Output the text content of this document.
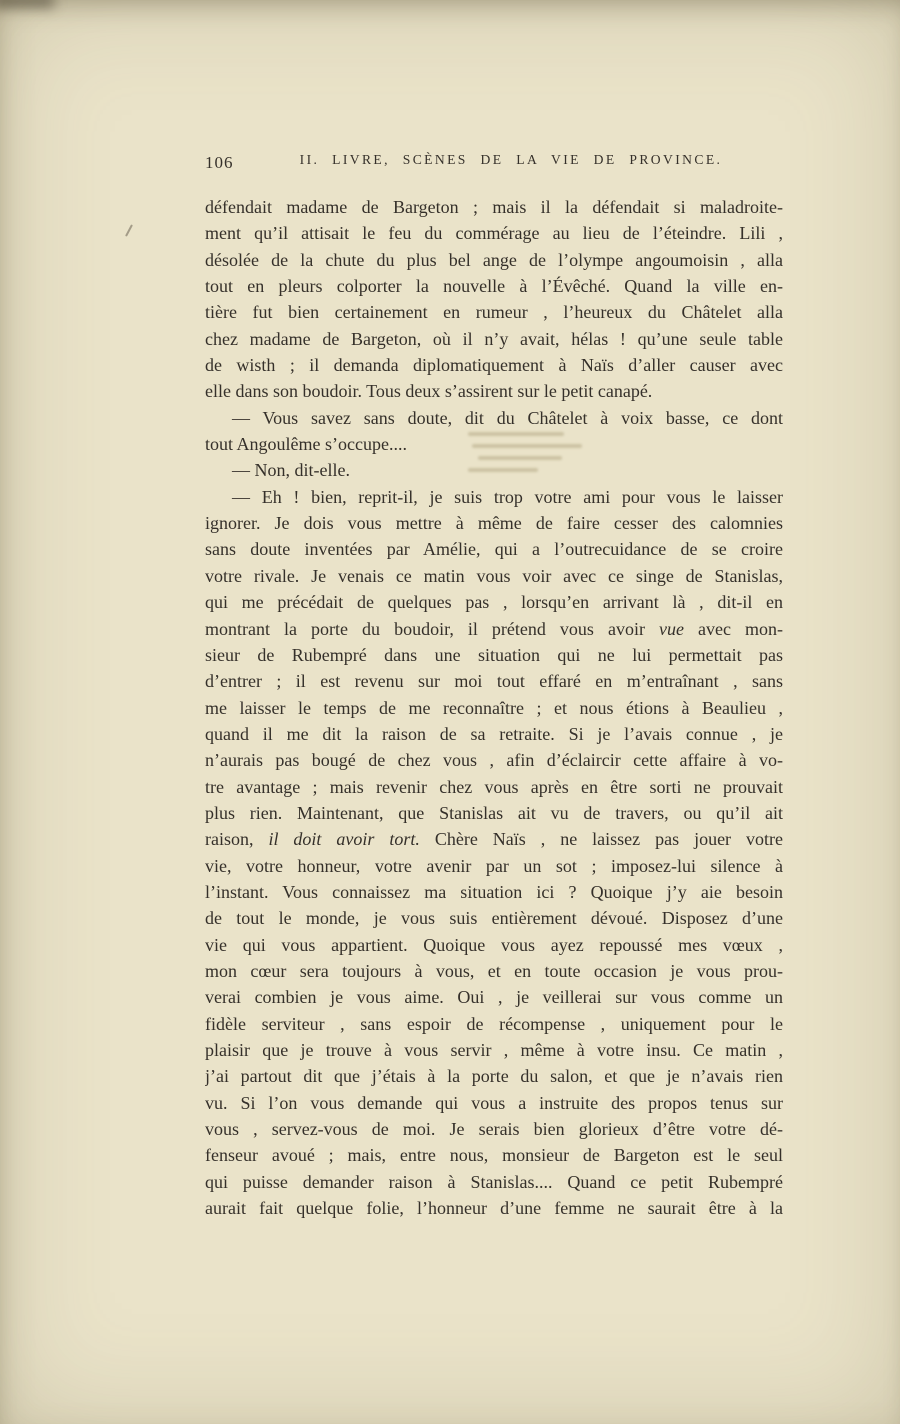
106	II. LIVRE, SCÈNES DE LA VIE DE PROVINCE.
défendait madame de Bargeton ; mais il la défendait si maladroite-
ment qu’il attisait le feu du commérage au lieu de l’éteindre. Lili ,
désolée de la chute du plus bel ange de l’olympe angoumoisin , alla
tout en pleurs colporter la nouvelle à l’Évêché. Quand la ville en-
tière fut bien certainement en rumeur , l’heureux du Châtelet alla
chez madame de Bargeton, où il n’y avait, hélas ! qu’une seule table
de wisth ; il demanda diplomatiquement à Naïs d’aller causer avec
elle dans son boudoir. Tous deux s’assirent sur le petit canapé.
— Vous savez sans doute, dit du Châtelet à voix basse, ce dont
tout Angoulême s’occupe....
— Non, dit-elle.
— Eh ! bien, reprit-il, je suis trop votre ami pour vous le laisser
ignorer. Je dois vous mettre à même de faire cesser des calomnies
sans doute inventées par Amélie, qui a l’outrecuidance de se croire
votre rivale. Je venais ce matin vous voir avec ce singe de Stanislas,
qui me précédait de quelques pas , lorsqu’en arrivant là , dit-il en
montrant la porte du boudoir, il prétend vous avoir vue avec mon-
sieur de Rubempré dans une situation qui ne lui permettait pas
d’entrer ; il est revenu sur moi tout effaré en m’entraînant , sans
me laisser le temps de me reconnaître ; et nous étions à Beaulieu ,
quand il me dit la raison de sa retraite. Si je l’avais connue , je
n’aurais pas bougé de chez vous , afin d’éclaircir cette affaire à vo-
tre avantage ; mais revenir chez vous après en être sorti ne prouvait
plus rien. Maintenant, que Stanislas ait vu de travers, ou qu’il ait
raison, il doit avoir tort. Chère Naïs , ne laissez pas jouer votre
vie, votre honneur, votre avenir par un sot ; imposez-lui silence à
l’instant. Vous connaissez ma situation ici ? Quoique j’y aie besoin
de tout le monde, je vous suis entièrement dévoué. Disposez d’une
vie qui vous appartient. Quoique vous ayez repoussé mes vœux ,
mon cœur sera toujours à vous, et en toute occasion je vous prou-
verai combien je vous aime. Oui , je veillerai sur vous comme un
fidèle serviteur , sans espoir de récompense , uniquement pour le
plaisir que je trouve à vous servir , même à votre insu. Ce matin ,
j’ai partout dit que j’étais à la porte du salon, et que je n’avais rien
vu. Si l’on vous demande qui vous a instruite des propos tenus sur
vous , servez-vous de moi. Je serais bien glorieux d’être votre dé-
fenseur avoué ; mais, entre nous, monsieur de Bargeton est le seul
qui puisse demander raison à Stanislas.... Quand ce petit Rubempré
aurait fait quelque folie, l’honneur d’une femme ne saurait être à la
